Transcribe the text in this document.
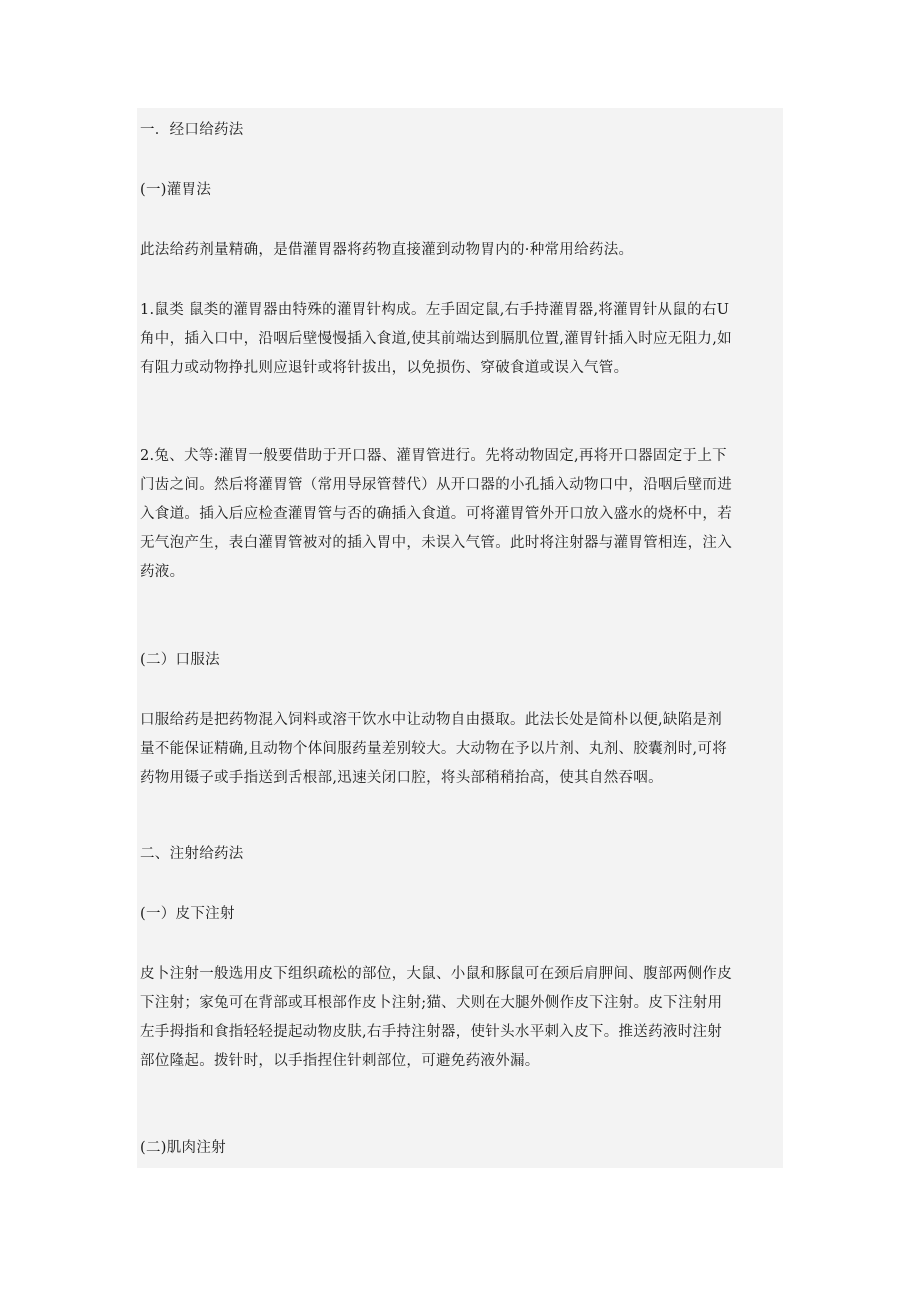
一．经口给药法
(一)灌胃法
此法给药剂量精确，是借灌胃器将药物直接灌到动物胃内的·种常用给药法。
1.鼠类 鼠类的灌胃器由特殊的灌胃针构成。左手固定鼠,右手持灌胃器,将灌胃针从鼠的右U
角中，插入口中，沿咽后壁慢慢插入食道,使其前端达到膈肌位置,灌胃针插入时应无阻力,如
有阻力或动物挣扎则应退针或将针拔出，以免损伤、穿破食道或误入气管。
2.兔、犬等:灌胃一般要借助于开口器、灌胃管进行。先将动物固定,再将开口器固定于上下
门齿之间。然后将灌胃管（常用导尿管替代）从开口器的小孔插入动物口中，沿咽后壁而进
入食道。插入后应检查灌胃管与否的确插入食道。可将灌胃管外开口放入盛水的烧杯中，若
无气泡产生，表白灌胃管被对的插入胃中，未误入气管。此时将注射器与灌胃管相连，注入
药液。
(二）口服法
口服给药是把药物混入饲料或溶干饮水中让动物自由摄取。此法长处是简朴以便,缺陷是剂
量不能保证精确,且动物个体间服药量差别较大。大动物在予以片剂、丸剂、胶囊剂时,可将
药物用镊子或手指送到舌根部,迅速关闭口腔，将头部稍稍抬高，使其自然吞咽。
二、注射给药法
(一）皮下注射
皮卜注射一般选用皮下组织疏松的部位，大鼠、小鼠和豚鼠可在颈后肩胛间、腹部两侧作皮
下注射；家兔可在背部或耳根部作皮卜注射;猫、犬则在大腿外侧作皮下注射。皮下注射用
左手拇指和食指轻轻提起动物皮肤,右手持注射器，使针头水平刺入皮下。推送药液时注射
部位隆起。拨针时，以手指捏住针刺部位，可避免药液外漏。
(二)肌肉注射
